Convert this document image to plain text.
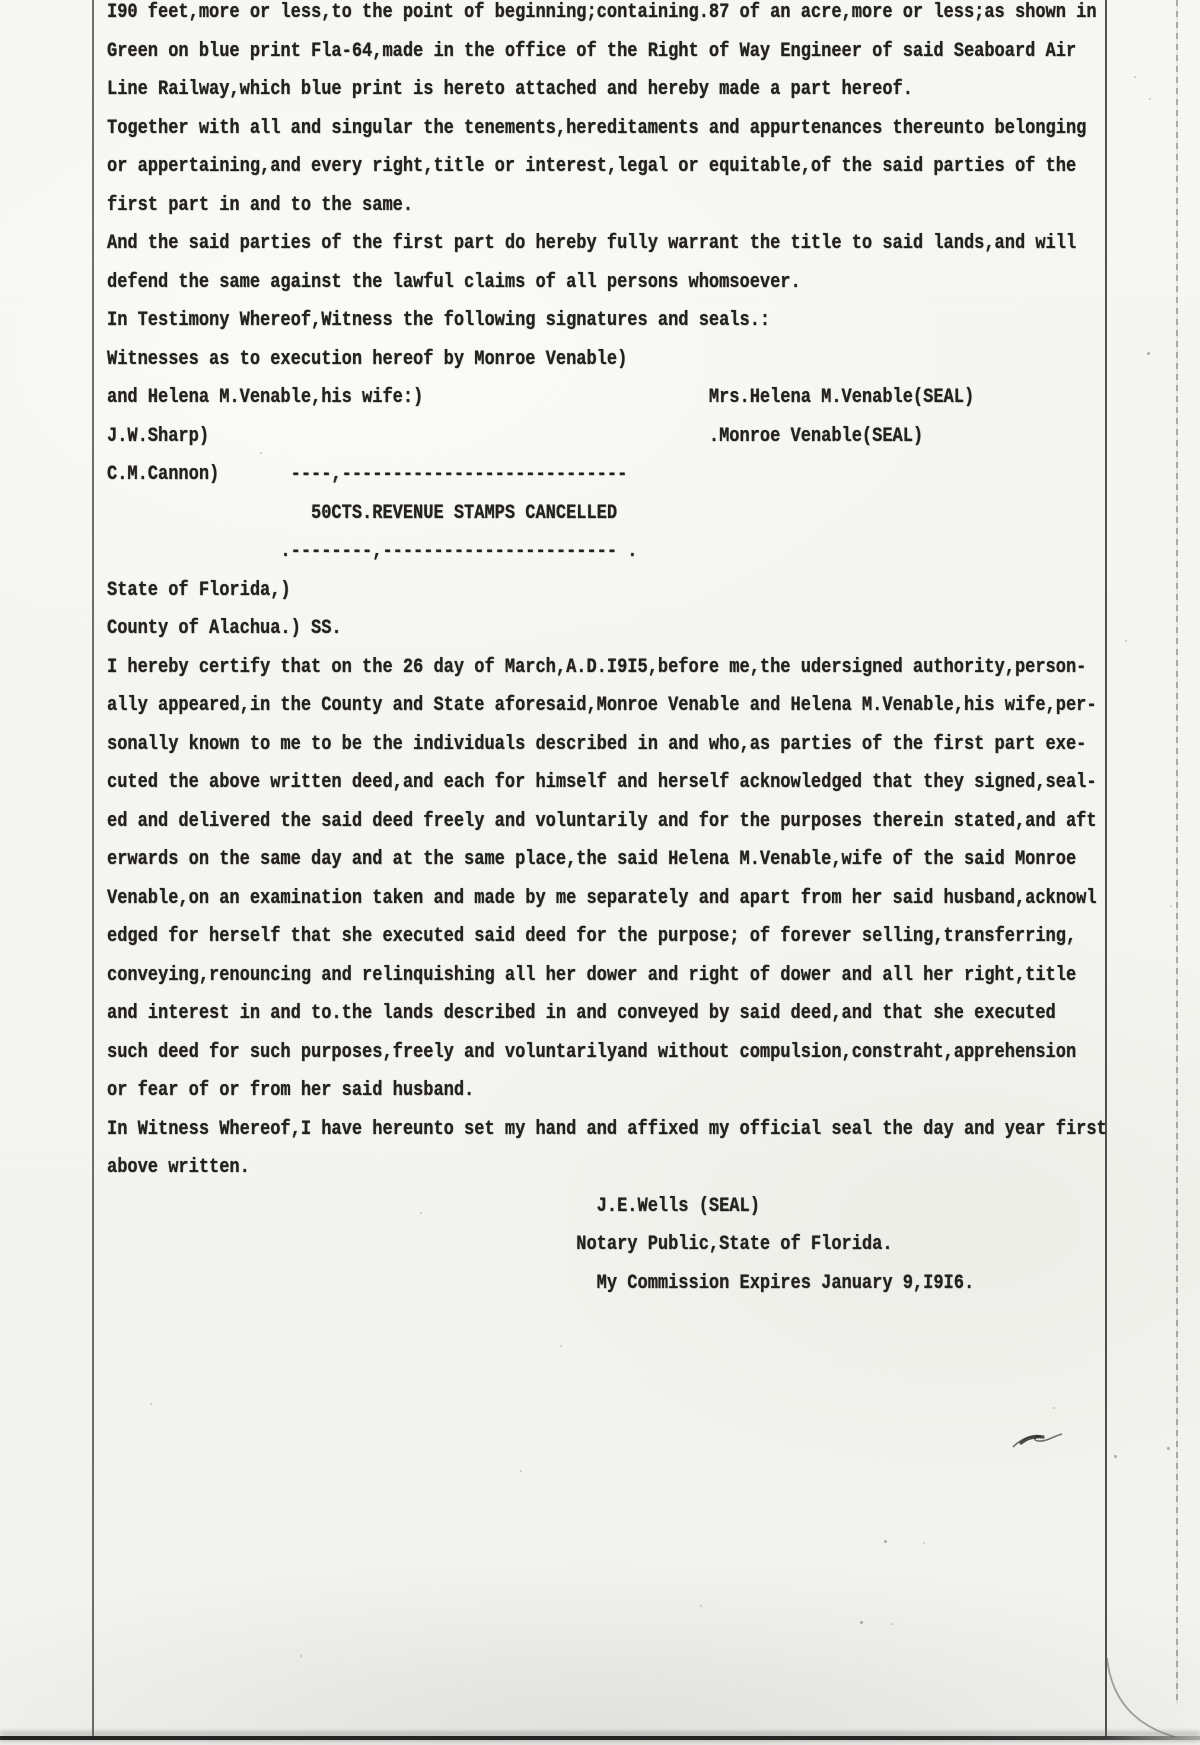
I90 feet,more or less,to the point of beginning;containing.87 of an acre,more or less;as shown in
Green on blue print Fla-64,made in the office of the Right of Way Engineer of said Seaboard Air
Line Railway,which blue print is hereto attached and hereby made a part hereof.
Together with all and singular the tenements,hereditaments and appurtenances thereunto belonging
or appertaining,and every right,title or interest,legal or equitable,of the said parties of the
first part in and to the same.
And the said parties of the first part do hereby fully warrant the title to said lands,and will
defend the same against the lawful claims of all persons whomsoever.
In Testimony Whereof,Witness the following signatures and seals.:
Witnesses as to execution hereof by Monroe Venable)
and Helena M.Venable,his wife:)                            Mrs.Helena M.Venable(SEAL)
J.W.Sharp)                                                 .Monroe Venable(SEAL)
C.M.Cannon)       ----,----------------------------
50CTS.REVENUE STAMPS CANCELLED
.--------,----------------------- .
State of Florida,)
County of Alachua.) SS.
I hereby certify that on the 26 day of March,A.D.I9I5,before me,the udersigned authority,person-
ally appeared,in the County and State aforesaid,Monroe Venable and Helena M.Venable,his wife,per-
sonally known to me to be the individuals described in and who,as parties of the first part exe-
cuted the above written deed,and each for himself and herself acknowledged that they signed,seal-
ed and delivered the said deed freely and voluntarily and for the purposes therein stated,and aft
erwards on the same day and at the same place,the said Helena M.Venable,wife of the said Monroe
Venable,on an examination taken and made by me separately and apart from her said husband,acknowl
edged for herself that she executed said deed for the purpose; of forever selling,transferring,
conveying,renouncing and relinquishing all her dower and right of dower and all her right,title
and interest in and to.the lands described in and conveyed by said deed,and that she executed
such deed for such purposes,freely and voluntarilyand without compulsion,constraht,apprehension
or fear of or from her said husband.
In Witness Whereof,I have hereunto set my hand and affixed my official seal the day and year first
above written.
J.E.Wells (SEAL)
Notary Public,State of Florida.
My Commission Expires January 9,I9I6.
